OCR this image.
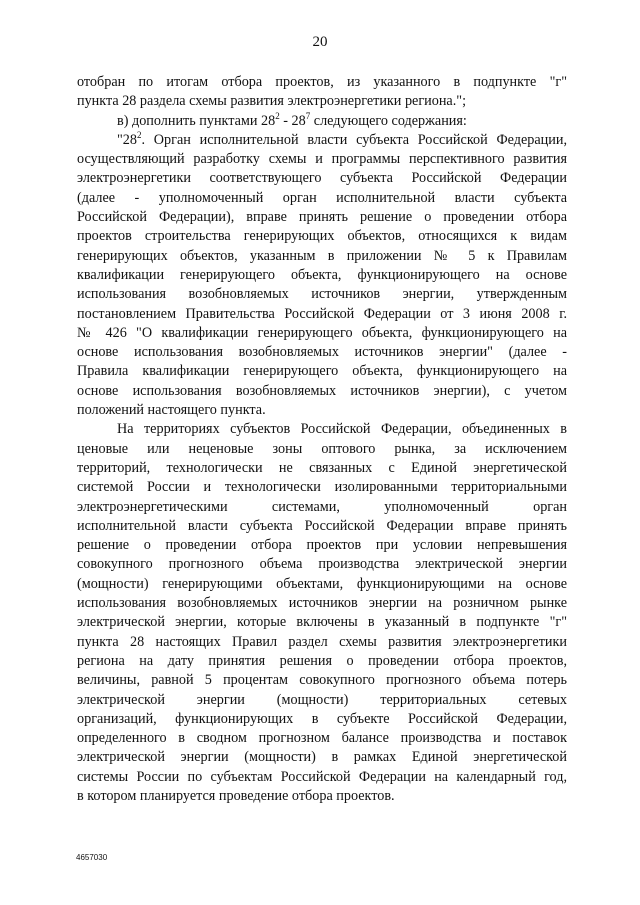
20
отобран по итогам отбора проектов, из указанного в подпункте "г"
пункта 28 раздела схемы развития электроэнергетики региона.";
в) дополнить пунктами $28^2 - 28^7$ следующего содержания:
"$28^2$. Орган исполнительной власти субъекта Российской Федерации,
осуществляющий разработку схемы и программы перспективного развития
электроэнергетики соответствующего субъекта Российской Федерации
(далее - уполномоченный орган исполнительной власти субъекта
Российской Федерации), вправе принять решение о проведении отбора
проектов строительства генерирующих объектов, относящихся к видам
генерирующих объектов, указанным в приложении № 5 к Правилам
квалификации генерирующего объекта, функционирующего на основе
использования возобновляемых источников энергии, утвержденным
постановлением Правительства Российской Федерации от 3 июня 2008 г.
№ 426 "О квалификации генерирующего объекта, функционирующего на
основе использования возобновляемых источников энергии" (далее -
Правила квалификации генерирующего объекта, функционирующего на
основе использования возобновляемых источников энергии), с учетом
положений настоящего пункта.
На территориях субъектов Российской Федерации, объединенных в
ценовые или неценовые зоны оптового рынка, за исключением
территорий, технологически не связанных с Единой энергетической
системой России и технологически изолированными территориальными
электроэнергетическими системами, уполномоченный орган
исполнительной власти субъекта Российской Федерации вправе принять
решение о проведении отбора проектов при условии непревышения
совокупного прогнозного объема производства электрической энергии
(мощности) генерирующими объектами, функционирующими на основе
использования возобновляемых источников энергии на розничном рынке
электрической энергии, которые включены в указанный в подпункте "г"
пункта 28 настоящих Правил раздел схемы развития электроэнергетики
региона на дату принятия решения о проведении отбора проектов,
величины, равной 5 процентам совокупного прогнозного объема потерь
электрической энергии (мощности) территориальных сетевых
организаций, функционирующих в субъекте Российской Федерации,
определенного в сводном прогнозном балансе производства и поставок
электрической энергии (мощности) в рамках Единой энергетической
системы России по субъектам Российской Федерации на календарный год,
в котором планируется проведение отбора проектов.
4657030
